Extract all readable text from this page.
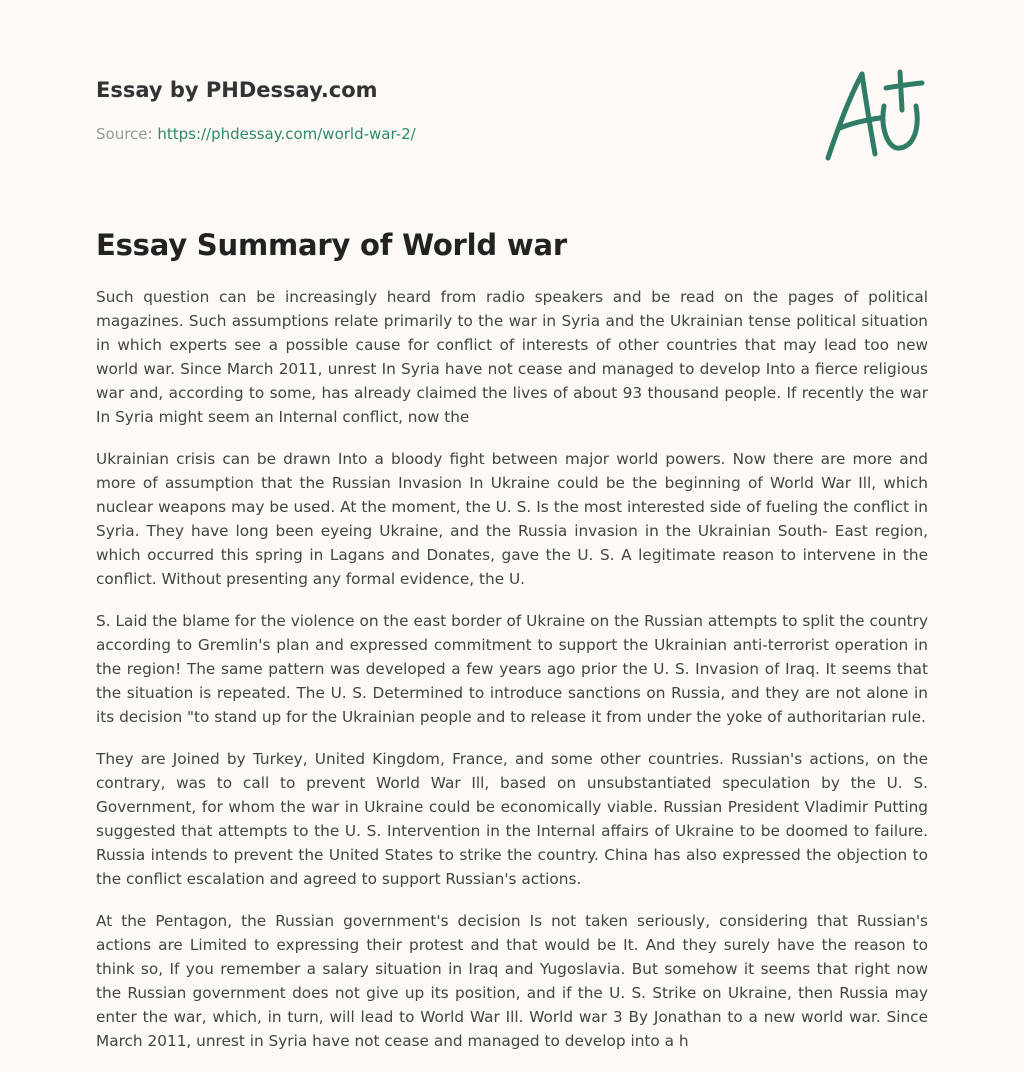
Essay by PHDessay.com
Source: https://phdessay.com/world-war-2/
Essay Summary of World war

Such question can be increasingly heard from radio speakers and be read on the pages of political magazines. Such assumptions relate primarily to the war in Syria and the Ukrainian tense political situation in which experts see a possible cause for conflict of interests of other countries that may lead too new world war. Since March 2011, unrest In Syria have not cease and managed to develop Into a fierce religious war and, according to some, has already claimed the lives of about 93 thousand people. If recently the war In Syria might seem an Internal conflict, now the

Ukrainian crisis can be drawn Into a bloody fight between major world powers. Now there are more and more of assumption that the Russian Invasion In Ukraine could be the beginning of World War Ill, which nuclear weapons may be used. At the moment, the U. S. Is the most interested side of fueling the conflict in Syria. They have long been eyeing Ukraine, and the Russia invasion in the Ukrainian South- East region, which occurred this spring in Lagans and Donates, gave the U. S. A legitimate reason to intervene in the conflict. Without presenting any formal evidence, the U.

S. Laid the blame for the violence on the east border of Ukraine on the Russian attempts to split the country according to Gremlin's plan and expressed commitment to support the Ukrainian anti-terrorist operation in the region! The same pattern was developed a few years ago prior the U. S. Invasion of Iraq. It seems that the situation is repeated. The U. S. Determined to introduce sanctions on Russia, and they are not alone in its decision "to stand up for the Ukrainian people and to release it from under the yoke of authoritarian rule.

They are Joined by Turkey, United Kingdom, France, and some other countries. Russian's actions, on the contrary, was to call to prevent World War Ill, based on unsubstantiated speculation by the U. S. Government, for whom the war in Ukraine could be economically viable. Russian President Vladimir Putting suggested that attempts to the U. S. Intervention in the Internal affairs of Ukraine to be doomed to failure. Russia intends to prevent the United States to strike the country. China has also expressed the objection to the conflict escalation and agreed to support Russian's actions.

At the Pentagon, the Russian government's decision Is not taken seriously, considering that Russian's actions are Limited to expressing their protest and that would be It. And they surely have the reason to think so, If you remember a salary situation in Iraq and Yugoslavia. But somehow it seems that right now the Russian government does not give up its position, and if the U. S. Strike on Ukraine, then Russia may enter the war, which, in turn, will lead to World War Ill. World war 3 By Jonathan to a new world war. Since March 2011, unrest in Syria have not cease and managed to develop into a h
